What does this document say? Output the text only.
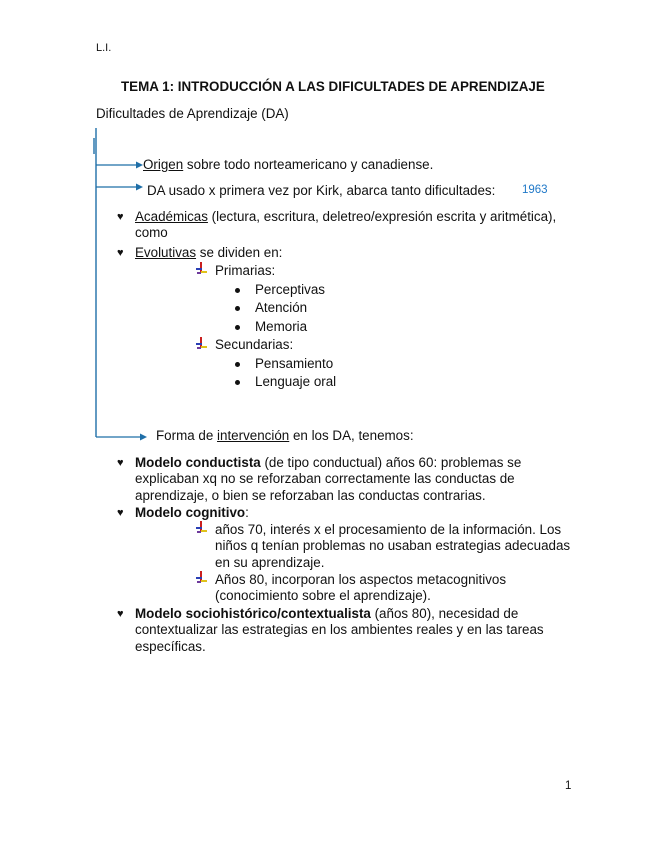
L.I.
TEMA 1: INTRODUCCIÓN A LAS DIFICULTADES DE APRENDIZAJE
Dificultades de Aprendizaje (DA)
Origen sobre todo norteamericano y canadiense.
DA usado x primera vez por Kirk, abarca tanto dificultades: 1963
♥ Académicas (lectura, escritura, deletreo/expresión escrita y aritmética),

como

♥ Evolutivas se dividen en:
Primarias:
Perceptivas
Atención
Memoria
Secundarias:
Pensamiento
Lenguaje oral
Forma de intervención en los DA, tenemos:
♥ Modelo conductista (de tipo conductual) años 60: problemas se

explicaban xq no se reforzaban correctamente las conductas de

aprendizaje, o bien se reforzaban las conductas contrarias.

♥ Modelo cognitivo:

años 70, interés x el procesamiento de la información. Los

niños q tenían problemas no usaban estrategias adecuadas

en su aprendizaje.

Años 80, incorporan los aspectos metacognitivos

(conocimiento sobre el aprendizaje).

♥ Modelo sociohistórico/contextualista (años 80), necesidad de

contextualizar las estrategias en los ambientes reales y en las tareas

específicas.

1
